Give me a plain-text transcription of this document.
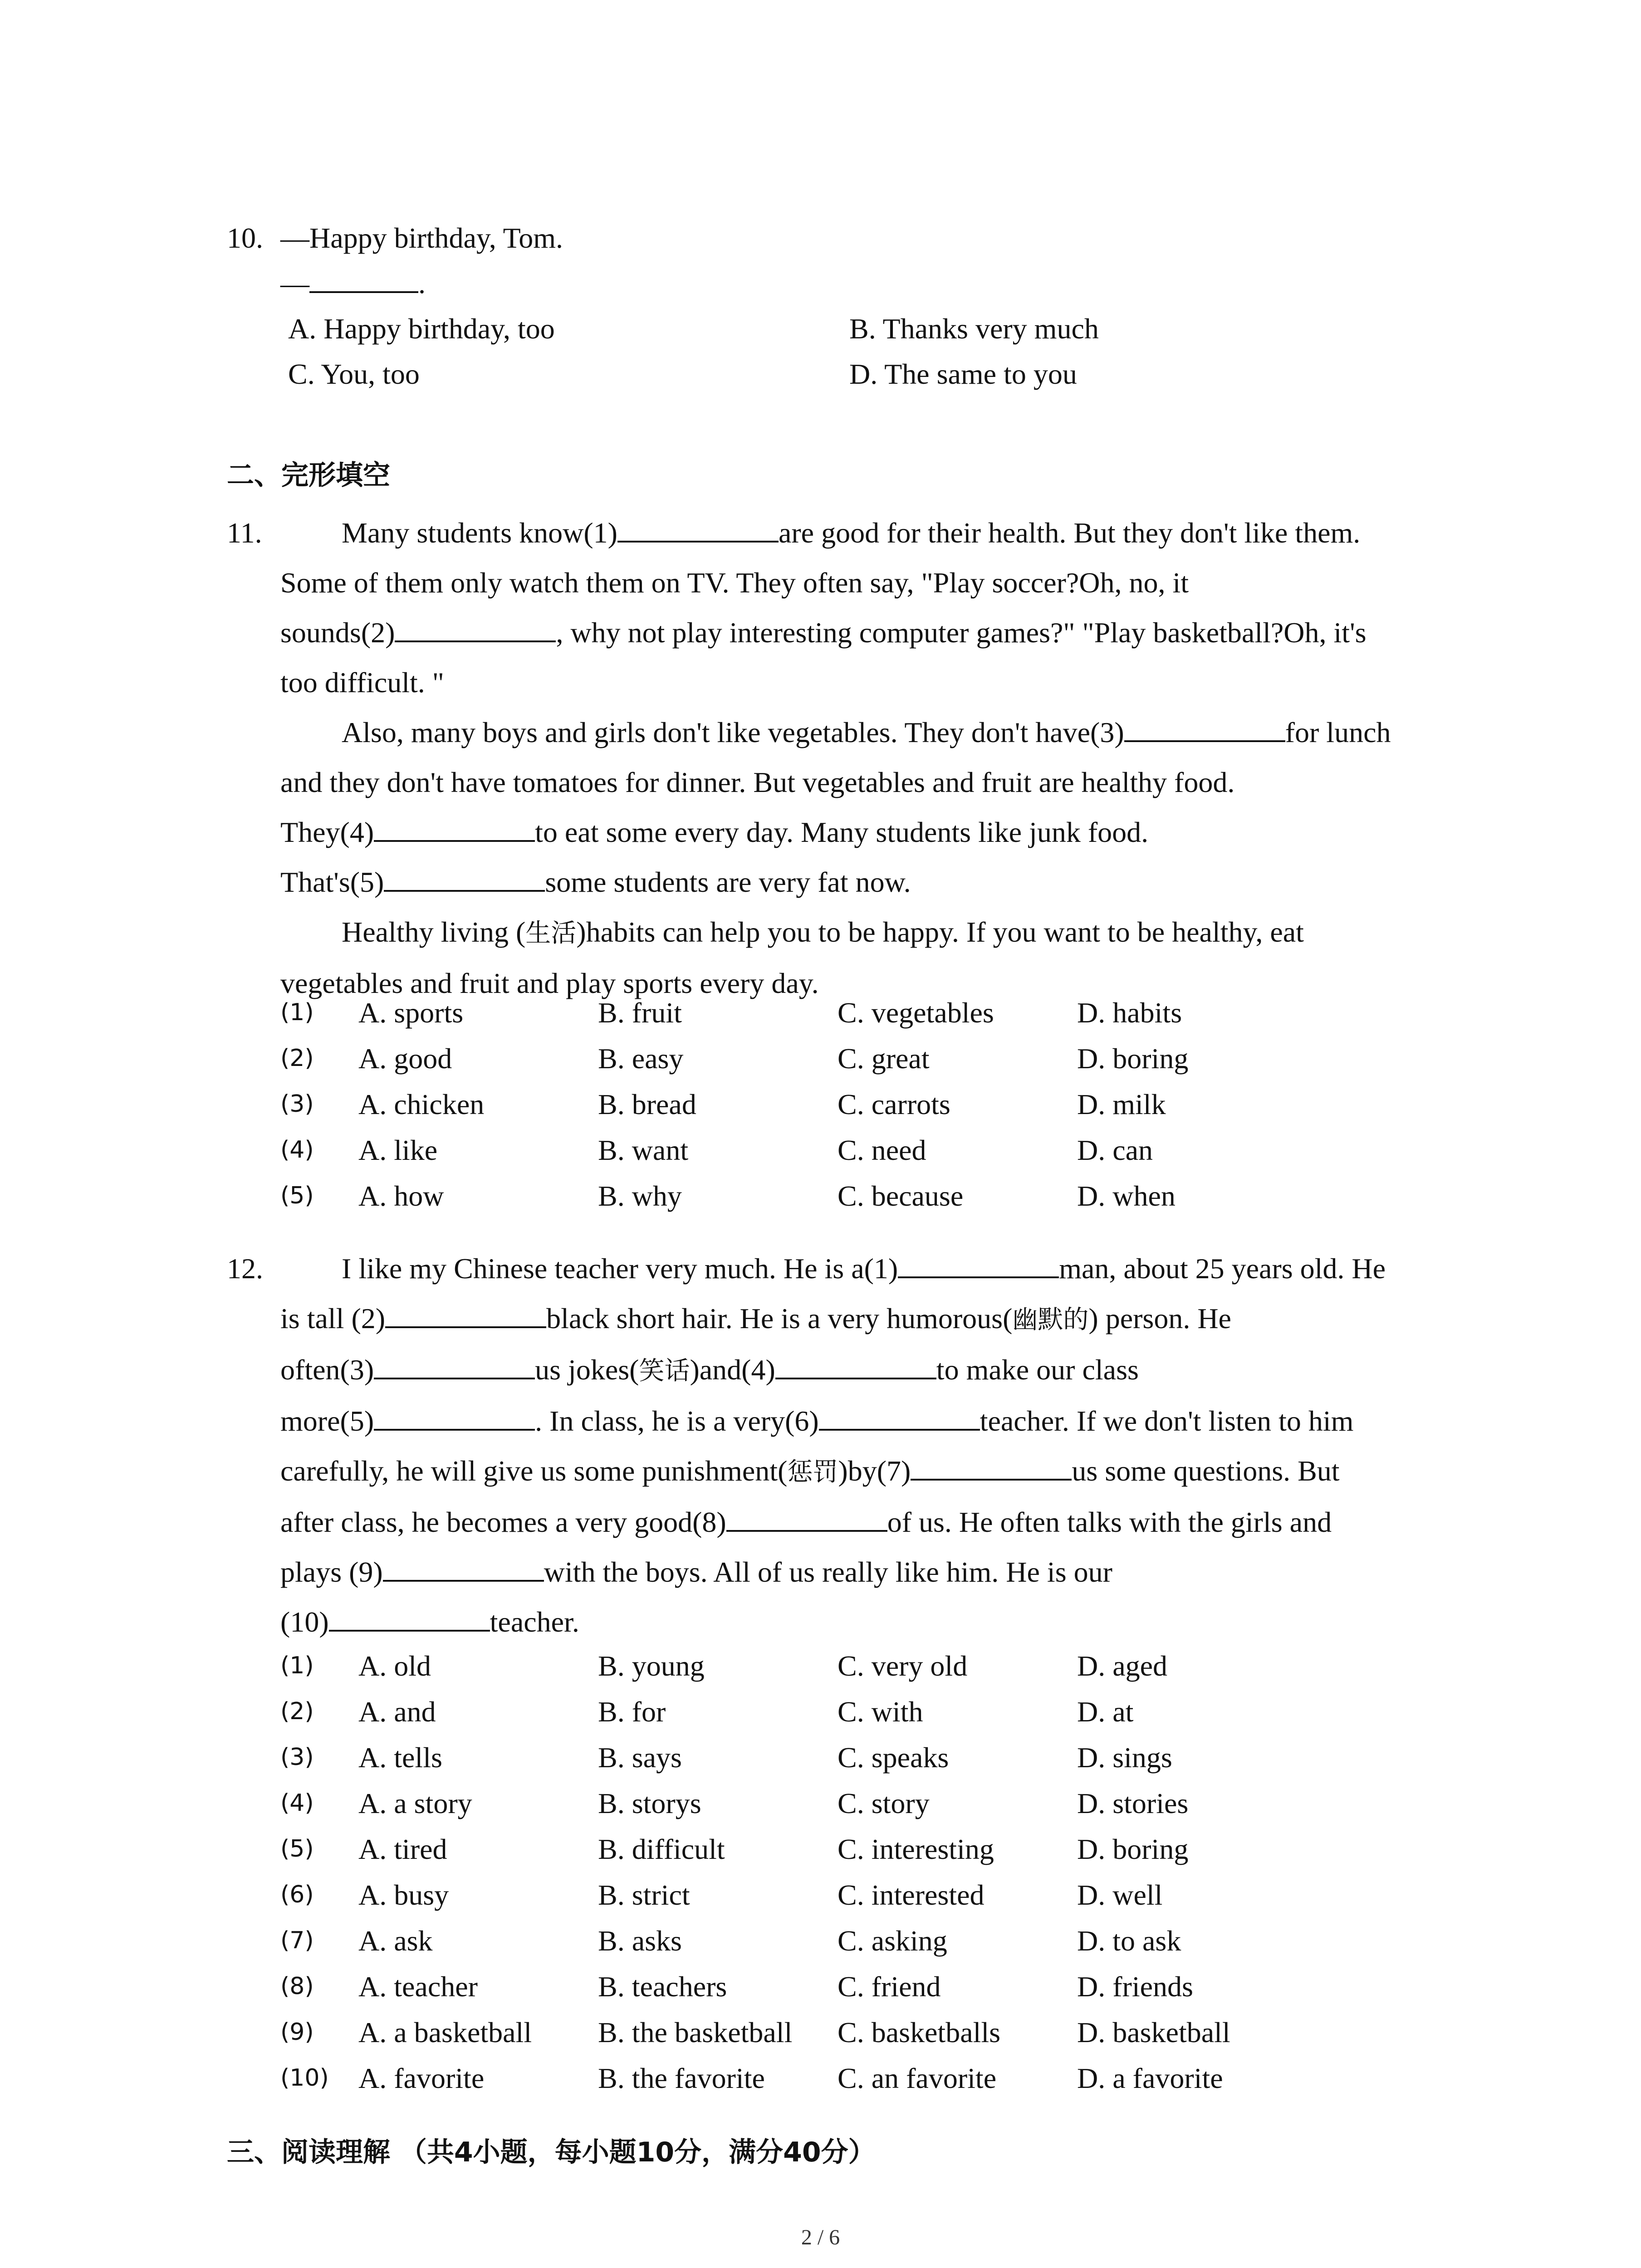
10. —Happy birthday, Tom.
—	.
A. Happy birthday, too	B. Thanks very much
C. You, too	D. The same to you
二、完形填空
11.	Many students know(1)	are good for their health. But they don't like them.

Some of them only watch them on TV. They often say, "Play soccer?Oh, no, it

sounds(2)	, why not play interesting computer games?" "Play basketball?Oh, it's

too difficult. "

Also, many boys and girls don't like vegetables. They don't have(3)	for lunch

and they don't have tomatoes for dinner. But vegetables and fruit are healthy food.

They(4)	to eat some every day. Many students like junk food.

That's(5)	some students are very fat now.

Healthy living (生活)habits can help you to be happy. If you want to be healthy, eat

vegetables and fruit and play sports every day.

(1) A. sports	B. fruit	C. vegetables	D. habits
(2) A. good	B. easy	C. great	D. boring
(3) A. chicken	B. bread	C. carrots	D. milk
(4) A. like	B. want	C. need	D. can
(5) A. how	B. why	C. because	D. when
12.	I like my Chinese teacher very much. He is a(1)	man, about 25 years old. He

is tall (2)	black short hair. He is a very humorous(幽默的) person. He

often(3)	us jokes(笑话)and(4)	to make our class

more(5)	. In class, he is a very(6)	teacher. If we don't listen to him

carefully, he will give us some punishment(惩罚)by(7)	us some questions. But

after class, he becomes a very good(8)	of us. He often talks with the girls and

plays (9)	with the boys. All of us really like him. He is our

(10)	teacher.

(1) A. old	B. young	C. very old	D. aged
(2) A. and	B. for	C. with	D. at
(3) A. tells	B. says	C. speaks	D. sings
(4) A. a story	B. storys	C. story	D. stories
(5) A. tired	B. difficult	C. interesting	D. boring
(6) A. busy	B. strict	C. interested	D. well
(7) A. ask	B. asks	C. asking	D. to ask
(8) A. teacher	B. teachers	C. friend	D. friends
(9) A. a basketball B. the basketball C. basketballs	D. basketball
(10) A. favorite	B. the favorite	C. an favorite	D. a favorite
三、阅读理解 （共4小题，每小题10分，满分40分）
2 / 6
